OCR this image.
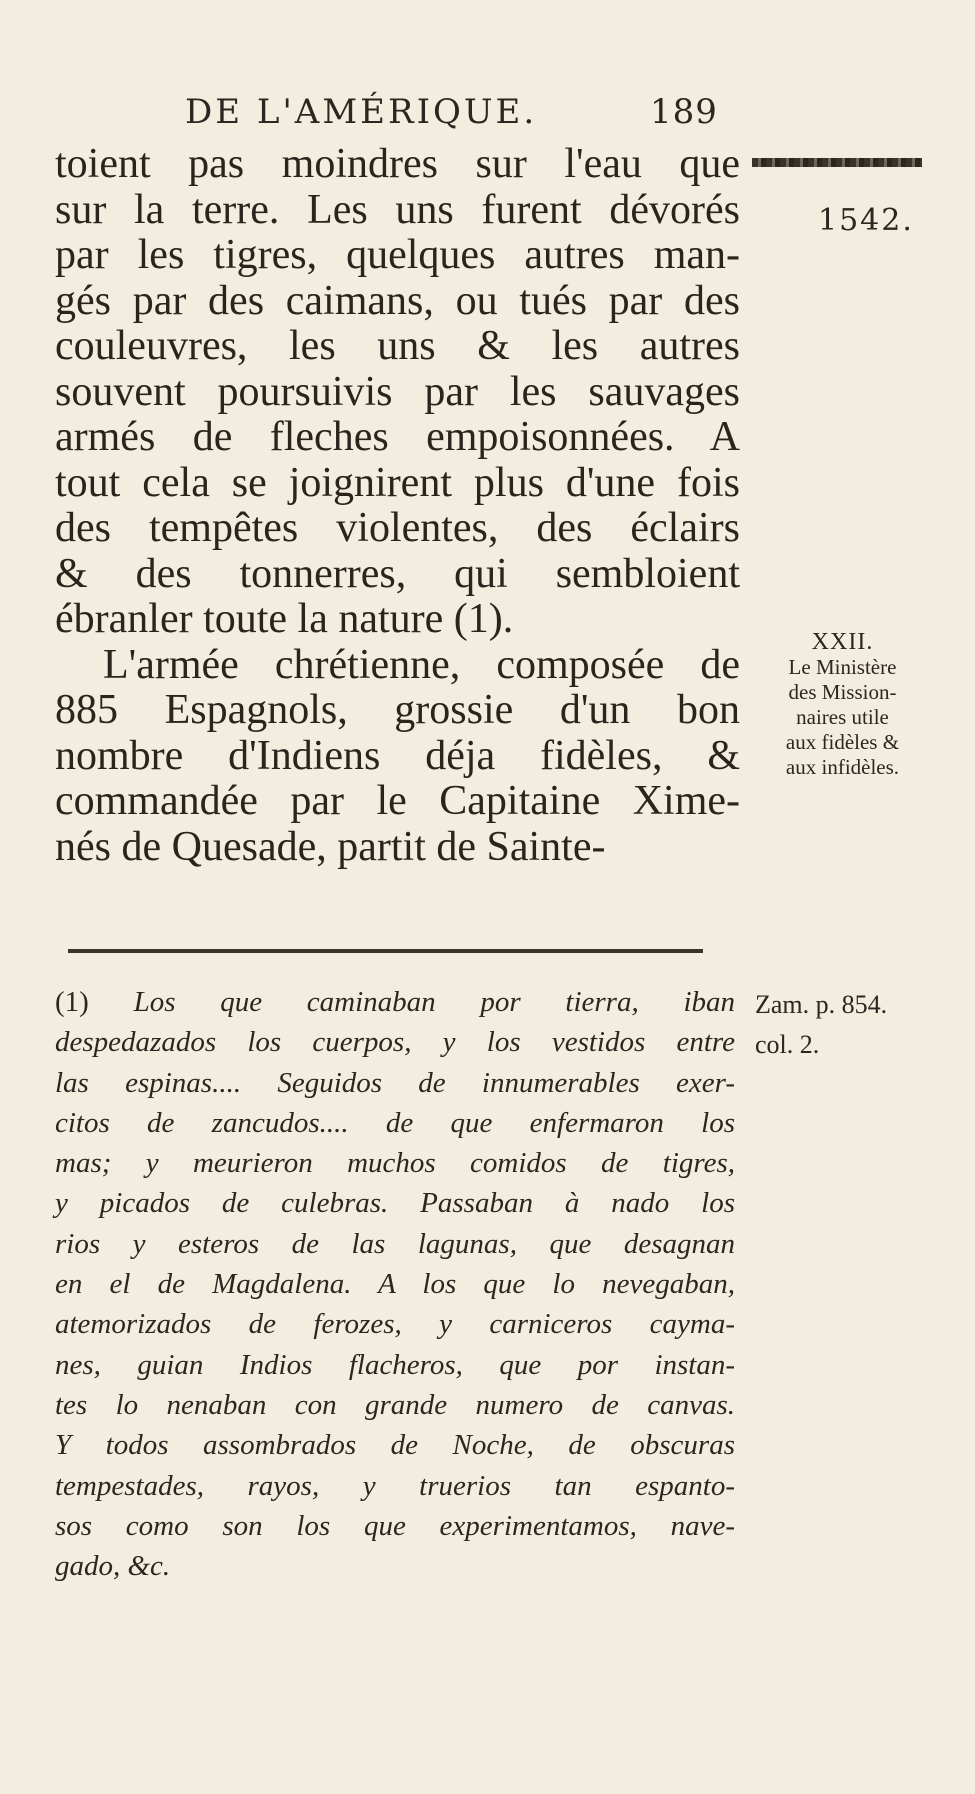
DE L'AMÉRIQUE.	189
1542.
toient pas moindres sur l'eau que
sur la terre. Les uns furent dévorés
par les tigres, quelques autres man-
gés par des caimans, ou tués par des
couleuvres, les uns & les autres
souvent poursuivis par les sauvages
armés de fleches empoisonnées. A
tout cela se joignirent plus d'une fois
des tempêtes violentes, des éclairs
& des tonnerres, qui sembloient
ébranler toute la nature (1).
L'armée chrétienne, composée de
885 Espagnols, grossie d'un bon
nombre d'Indiens déja fidèles, &
commandée par le Capitaine Xime-
nés de Quesade, partit de Sainte-
XXII.
Le Ministère
des Mission-
naires utile
aux fidèles &
aux infidèles.
(1) Los que caminaban por tierra, iban
despedazados los cuerpos, y los vestidos entre
las espinas.... Seguidos de innumerables exer-
citos de zancudos.... de que enfermaron los
mas; y meurieron muchos comidos de tigres,
y picados de culebras. Passaban à nado los
rios y esteros de las lagunas, que desagnan
en el de Magdalena. A los que lo nevegaban,
atemorizados de ferozes, y carniceros cayma-
nes, guian Indios flacheros, que por instan-
tes lo nenaban con grande numero de canvas.
Y todos assombrados de Noche, de obscuras
tempestades, rayos, y truerios tan espanto-
sos como son los que experimentamos, nave-
gado, &c.
Zam. p. 854.
col. 2.
